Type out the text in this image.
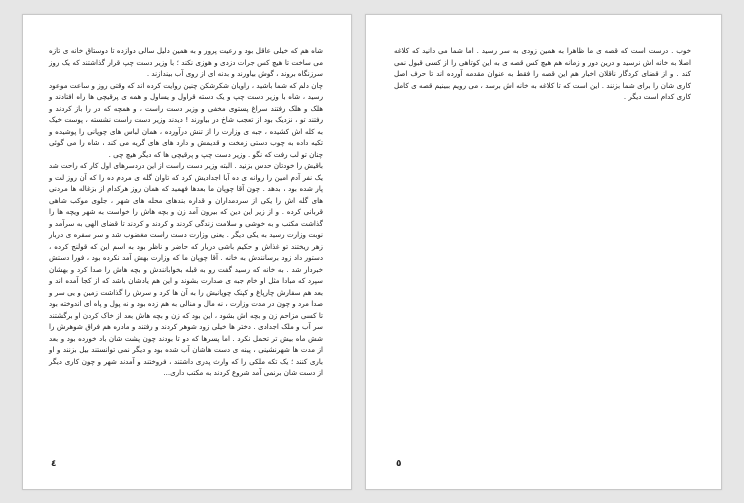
شاه هم که خیلی عاقل بود و رعیت پرور و به همین دلیل سالی دوازده تا دوستاق خانه ی تازه می ساخت تا هیچ کس جرات دزدی و هوزی نکند ؛ با وزیر دست چپ قرار گذاشتند که یک روز سرزنگاه بروند ، گوش بیاورند و بدنه ای از روی آب بیندازند .

چان دلم که شما باشید ، راویان شکرشکن چنین روایت کرده اند که وقتی روز و ساعت موعود رسید ، شاه با وزیر دست چپ و یک دسته قراول و یساول و همه ی پرقیچی ها راه افتادند و هلک و هلک رفتند سراغ پستوی مخفی و وزیر دست راست ، و همچه که در را باز کردند و رفتند تو ، نزدیک بود از تعجب شاخ در بیاورند ! دیدند وزیر دست راست نشسته ، پوست خیک به کله اش کشیده ، جبه ی وزارت را از تنش درآورده ، همان لباس های چوپانی را پوشیده و تکیه داده به چوب دستی زمخت و قدیمش و دارد های های گریه می کند ، شاه را می گوئی چنان تو لب رفت که نگو . وزیر دست چپ و پرقیچی ها که دیگر هیچ چی .

باقیش را خودتان حدس بزنید . البته وزیر دست راست از این دردسرهای اول کار که راحت شد یک نفر آدم امین را روانه ی ده آبا اجدادیش کرد که تاوان گله ی مردم ده را که آن روز لت و پار شده بود ، بدهد . چون آقا چوپان ما بعدها فهمید که همان روز هرکدام از بزغاله ها مردنی های گله اش را یکی از سردمداران و قداره بندهای محله های شهر ، جلوی موکب شاهی قربانی کرده . و از زیر این دین که بیرون آمد زن و بچه هاش را خواست به شهر ویچه ها را گذاشت مکتب و به خوشی و سلامت زندگی کردند و کردند و کردند تا قضای الهی به سرآمد و نوبت وزارت رسید به یکی دیگر . یعنی وزارت دست راست مغضوب شد و سر سفره ی دربار زهر ریختند تو غذاش و حکیم باشی دربار که حاضر و ناظر بود به اسم این که قولنج کرده ، دستور داد زود برسانندش به خانه . آقا چوپان ما که وزارت بهش آمد نکرده بود ، فورا دستش خبردار شد . به خانه که رسید گفت رو به قبله بخوابانندش و بچه هاش را صدا کرد و بهشان سپرد که مبادا مثل او خام جبه ی صدارت بشوند و این هم یادشان باشد که از کجا آمده اند و بعد هم سفارش چارپاغ و کپنک چوپانیش را به آن ها کرد و سرش را گذاشت زمین و یی سر و صدا مرد و چون در مدت وزارت ، نه مال و منالی به هم زده بود و نه پول و پاه ای اندوخته بود تا کسی مزاحم زن و بچه اش بشود ، این بود که زن و بچه هاش بعد از خاک کردن او برگشتند سر آب و ملک اجدادی . دختر ها خیلی زود شوهر کردند و رفتند و مادره هم فراق شوهرش را شش ماه بیش تر تحمل نکرد . اما پسرها که دو تا بودند چون پشت شان باد خورده بود و بعد از مدت ها شهرنشینی ، پینه ی دست هاشان آب شده بود و دیگر نمی توانستند بیل بزنند و او باری کنند ؛ یک تکه ملکی را که وارث پدری داشتند ، فروختند و آمدند شهر و چون کاری دیگر از دست شان برنمی آمد شروع کردند به مکتب داری...

٤

خوب . درست است که قصه ی ما ظاهرا به همین زودی به سر رسید . اما شما می دانید که کلاغه اصلا به خانه اش نرسید و درین دور و زمانه هم هیچ کس قصه ی به این کوتاهی را از کسی قبول نمی کند . و از قضای کردگار ناقلان اخبار هم این قصه را فقط به عنوان مقدمه آورده اند تا حرف اصل کاری شان را برای شما بزنند . این است که تا کلاغه به خانه اش برسد ، می رویم ببینیم قصه ی کامل کاری کدام است دیگر .

٥
